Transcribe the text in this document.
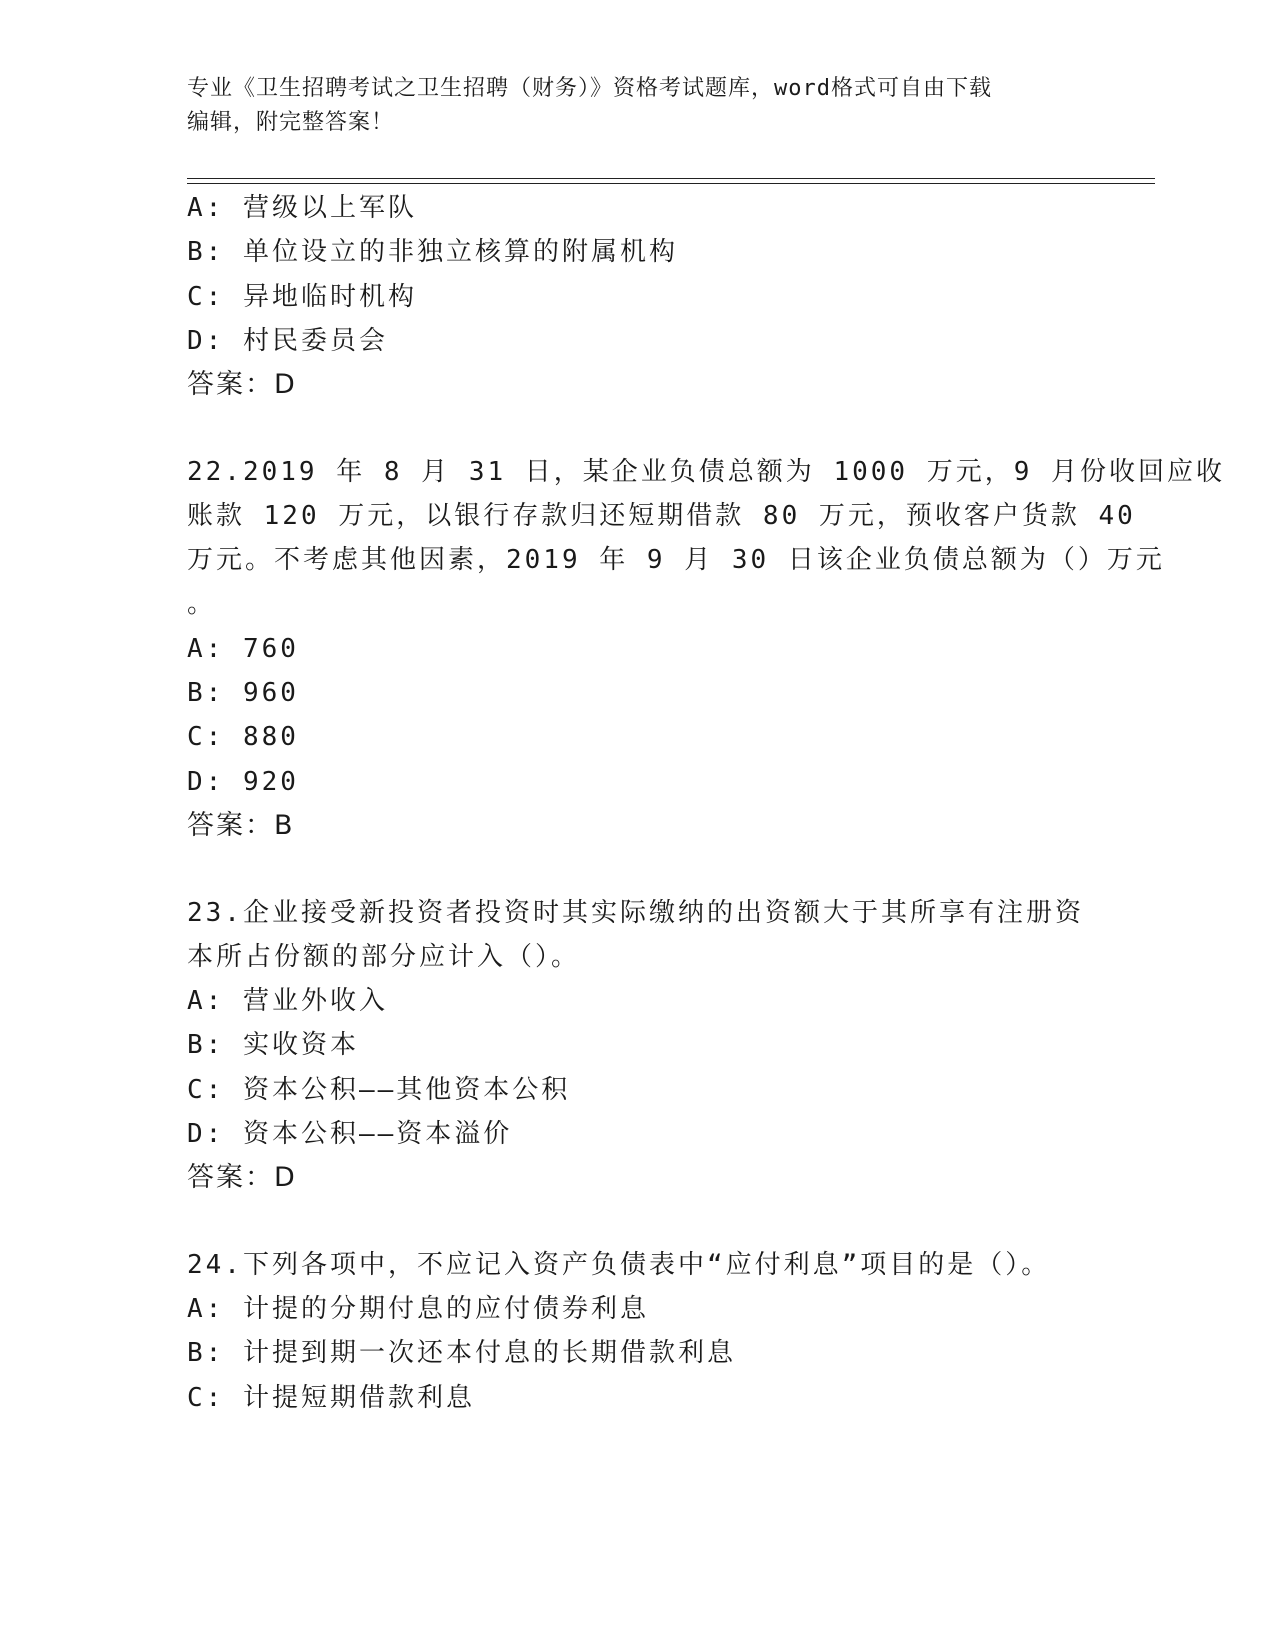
专业《卫生招聘考试之卫生招聘（财务）》资格考试题库，word格式可自由下载
编辑，附完整答案！
A: 营级以上军队
B: 单位设立的非独立核算的附属机构
C: 异地临时机构
D: 村民委员会
答案：D
22.2019 年 8 月 31 日，某企业负债总额为 1000 万元，9 月份收回应收
账款 120 万元，以银行存款归还短期借款 80 万元，预收客户货款 40
万元。不考虑其他因素，2019 年 9 月 30 日该企业负债总额为（）万元
。
A: 760
B: 960
C: 880
D: 920
答案：B
23.企业接受新投资者投资时其实际缴纳的出资额大于其所享有注册资
本所占份额的部分应计入（）。
A: 营业外收入
B: 实收资本
C: 资本公积——其他资本公积
D: 资本公积——资本溢价
答案：D
24.下列各项中，不应记入资产负债表中“应付利息”项目的是（）。
A: 计提的分期付息的应付债券利息
B: 计提到期一次还本付息的长期借款利息
C: 计提短期借款利息
